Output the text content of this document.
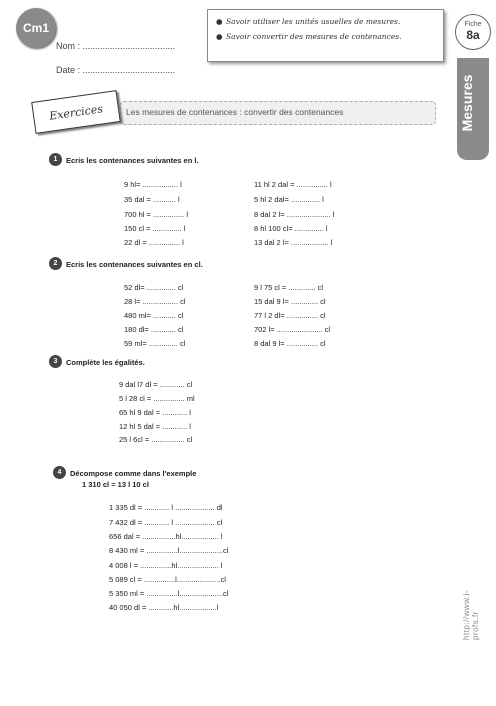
Cm1
Nom : .....................................
Date : .....................................
● Savoir utiliser les unités usuelles de mesures.
● Savoir convertir des mesures de contenances.
Mesures
Fiche
8a
Exercices	Les mesures de contenances : convertir des contenances
1	Ecris les contenances suivantes en l.
9 hl= ................. l
35 dal = ........... l
700 hl = ............... l
150 cl = .............. l
22 dl = ............... l
11 hl 2 dal = ............... l
5 hl 2 dal= .............. l
8 dal 2 l= ..................... l
8 hl 100 cl= .............. l
13 dal 2 l= .................. l
2	Ecris les contenances suivantes en cl.
52 dl= .............. cl
28 l= ................. cl
480 ml= ........... cl
180 dl= ............ cl
59 ml= .............. cl
9 l 75 cl = ............. cl
15 dal 9 l= ............. cl
77 l 2 dl= ............... cl
702 l= ...................... cl
8 dal 9 l= ............... cl
3	Complète les égalités.
9 dal l7 dl = ............ cl
5 l 28 cl = ............... ml
65 hl 9 dal = ............ l
12 hl 5 dal = ............ l
25 l 6cl = ................ cl
4	Décompose comme dans l'exemple
1 310 cl = 13 l 10 cl
1 335 dl = ............ l ................... dl
7 432 dl = ............ l ................... cl
656 dal = ................hl.................. l
8 430 ml = ...............l.....................cl
4 008 l = ...............hl.................... l
5 089 cl = ...............l.....................cl
5 350 ml = ...............l.....................cl
40 050 dl = ............hl..................l	http://www.i-profs.fr
